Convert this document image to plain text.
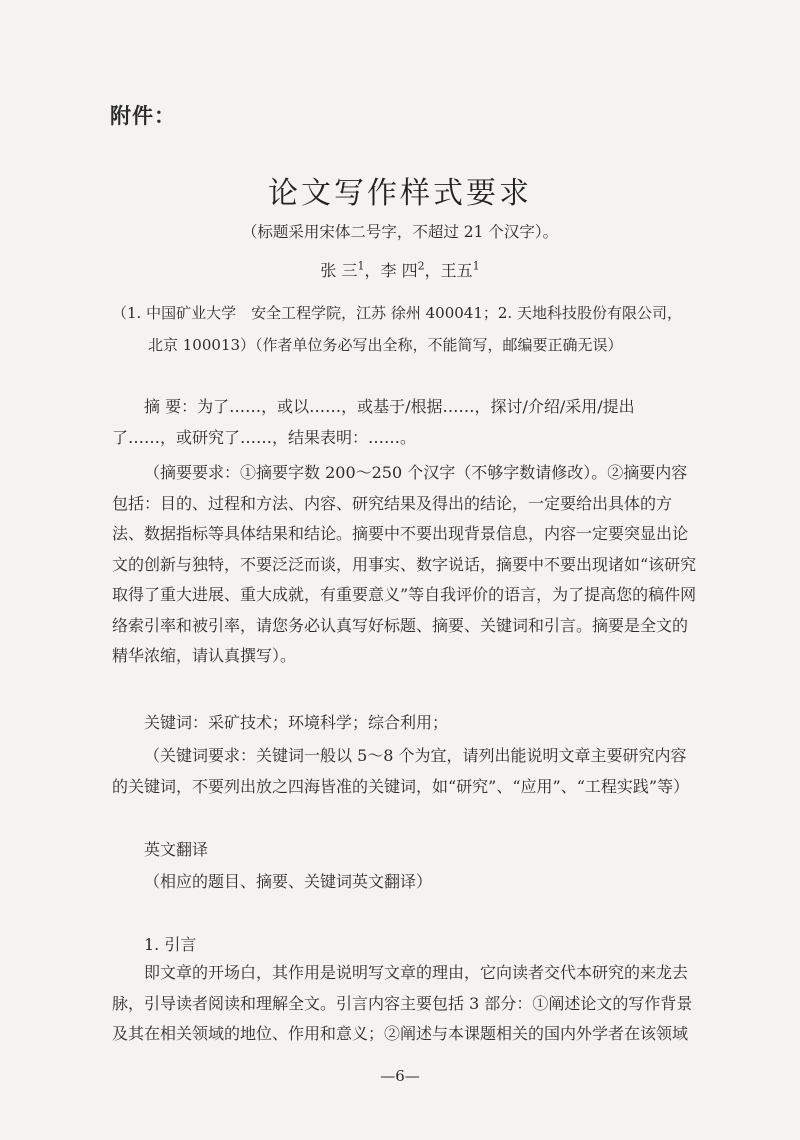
附件：
论文写作样式要求
（标题采用宋体二号字，不超过 21 个汉字）。
张 三$^1$，李 四$^2$，王五$^1$
（1. 中国矿业大学　安全工程学院，江苏 徐州 400041；2. 天地科技股份有限公司，
北京 100013）（作者单位务必写出全称，不能简写，邮编要正确无误）
摘 要：为了……，或以……，或基于/根据……，探讨/介绍/采用/提出了……，或研究了……，结果表明：……。
（摘要要求：①摘要字数 200～250 个汉字（不够字数请修改）。②摘要内容包括：目的、过程和方法、内容、研究结果及得出的结论，一定要给出具体的方法、数据指标等具体结果和结论。摘要中不要出现背景信息，内容一定要突显出论文的创新与独特，不要泛泛而谈，用事实、数字说话，摘要中不要出现诸如“该研究取得了重大进展、重大成就，有重要意义”等自我评价的语言，为了提高您的稿件网络索引率和被引率，请您务必认真写好标题、摘要、关键词和引言。摘要是全文的精华浓缩，请认真撰写）。
关键词：采矿技术；环境科学；综合利用；
（关键词要求：关键词一般以 5～8 个为宜，请列出能说明文章主要研究内容的关键词，不要列出放之四海皆准的关键词，如“研究”、“应用”、“工程实践”等）
英文翻译
（相应的题目、摘要、关键词英文翻译）
1. 引言
即文章的开场白，其作用是说明写文章的理由，它向读者交代本研究的来龙去脉，引导读者阅读和理解全文。引言内容主要包括 3 部分：①阐述论文的写作背景及其在相关领域的地位、作用和意义；②阐述与本课题相关的国内外学者在该领域
—6—
